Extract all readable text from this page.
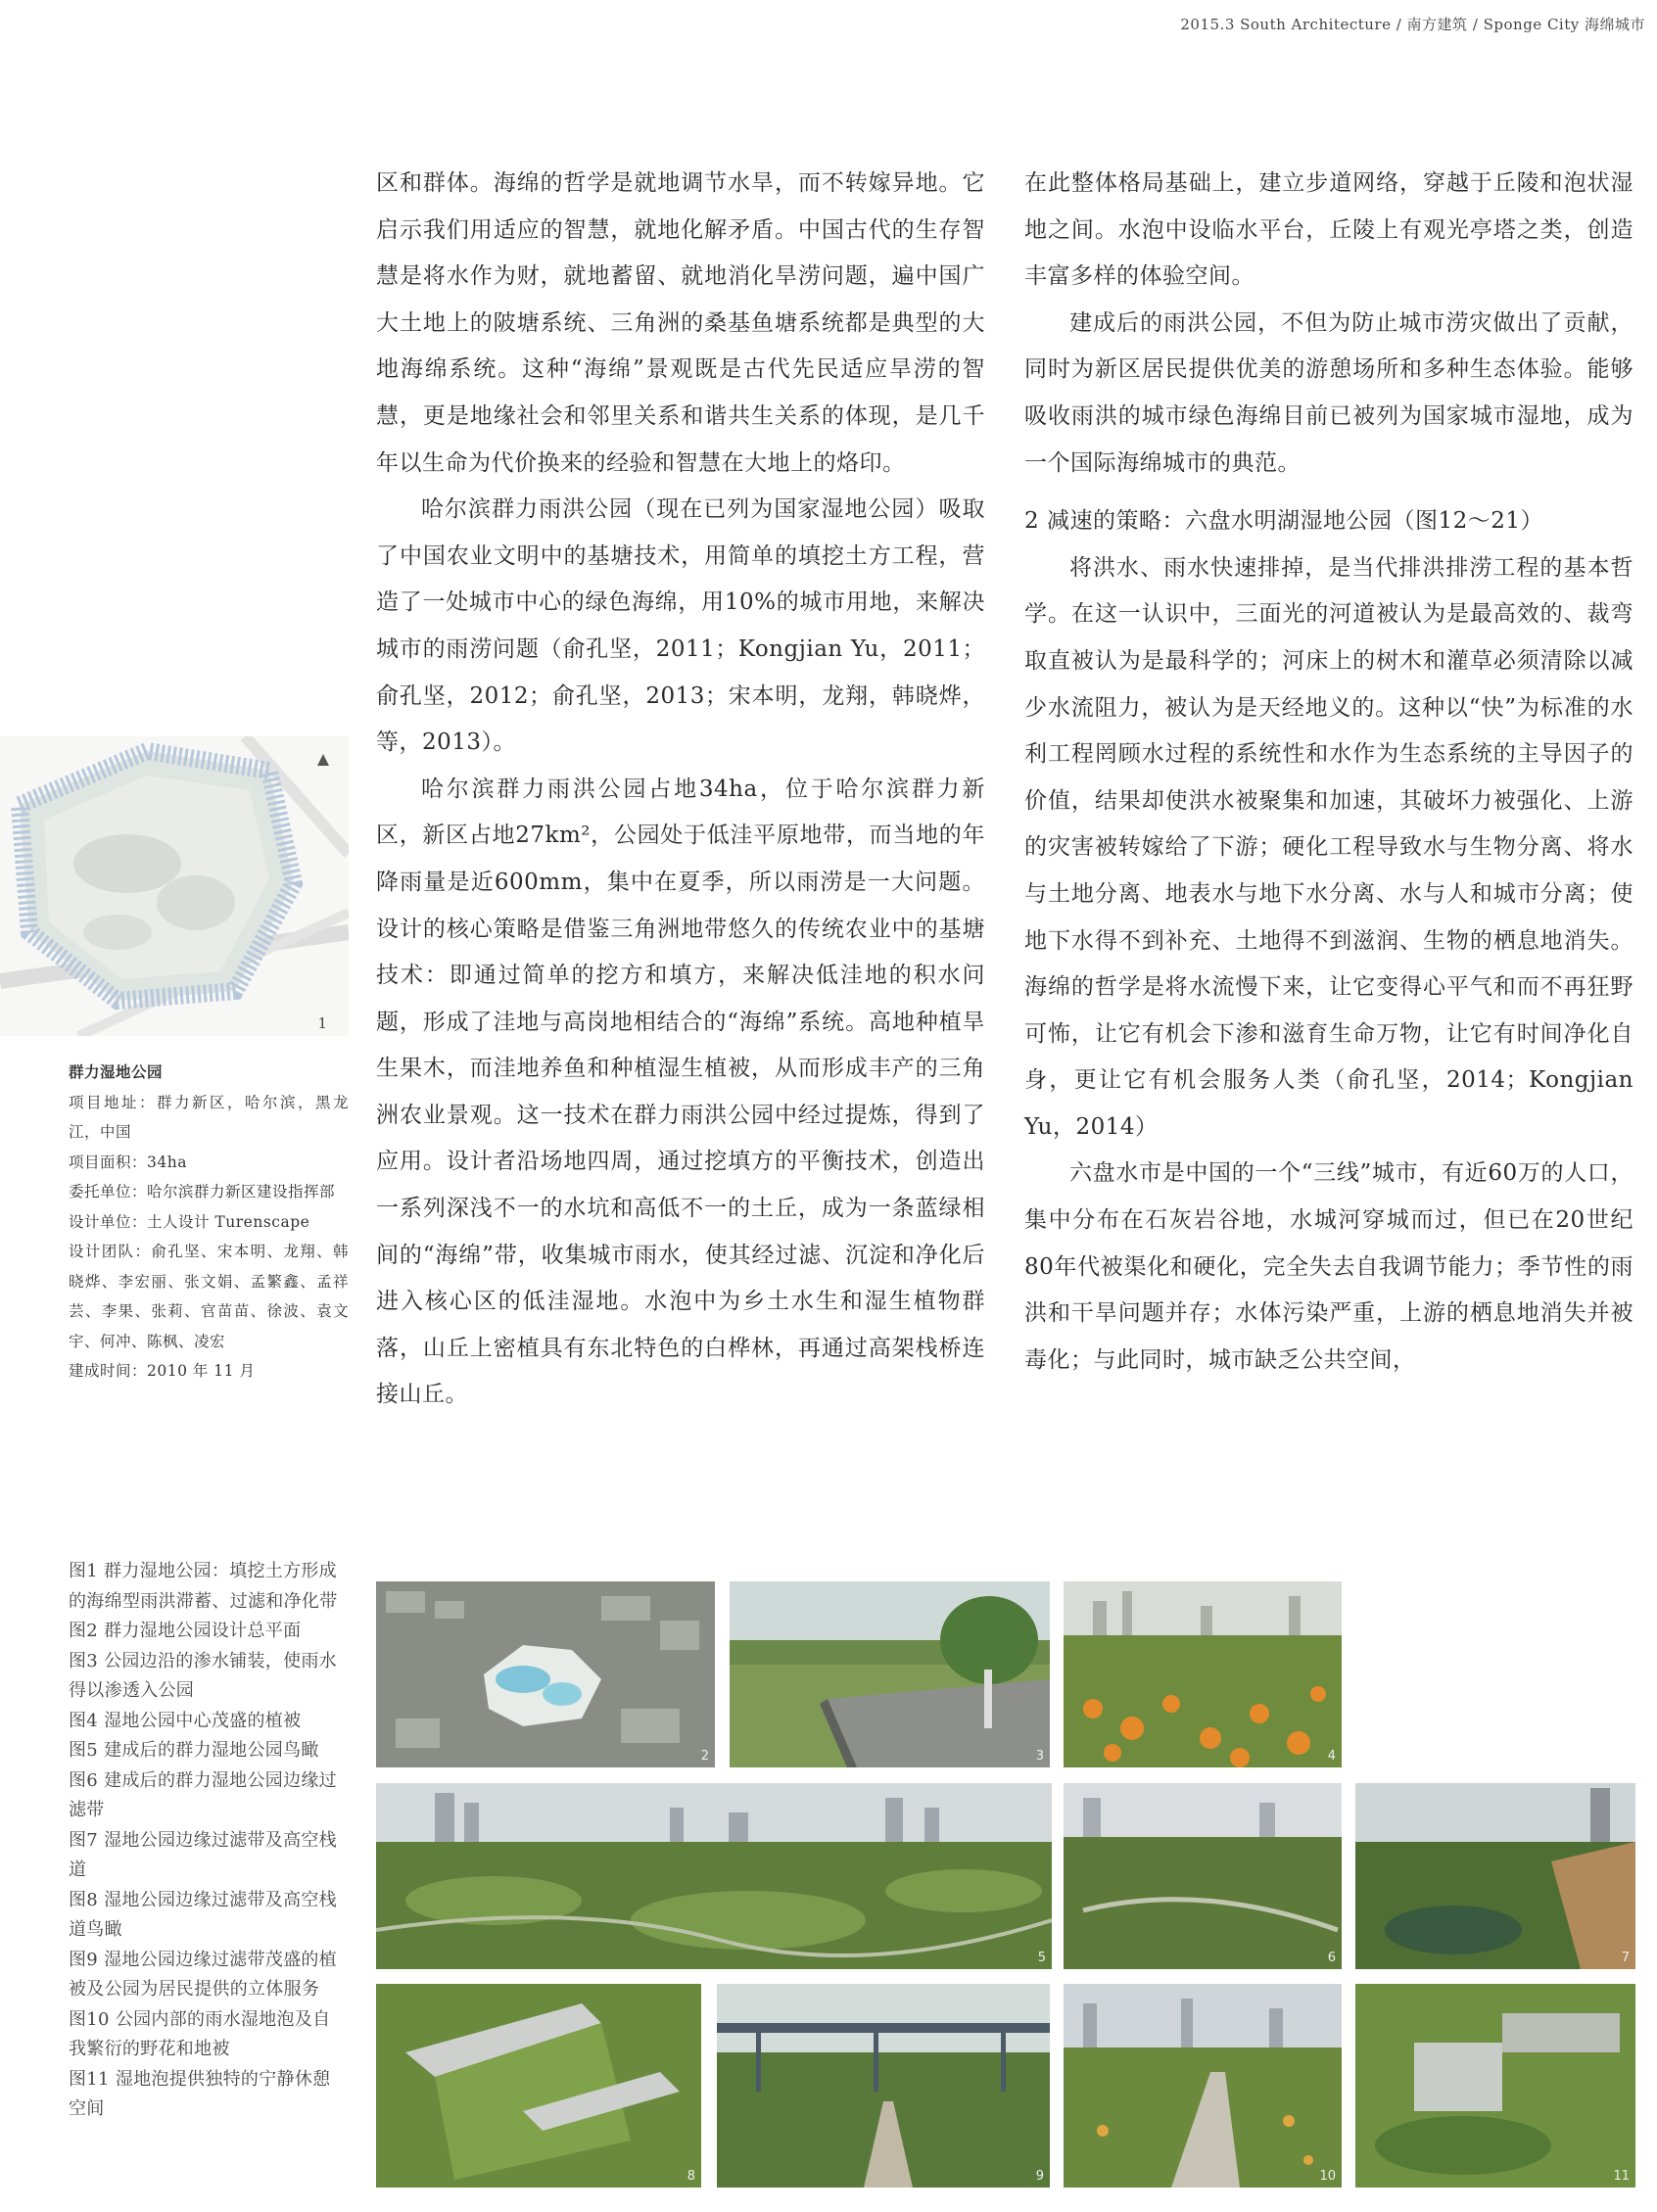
2015.3 South Architecture / 南方建筑 / Sponge City 海绵城市

区和群体。海绵的哲学是就地调节水旱，而不转嫁异地。它启示我们用适应的智慧，就地化解矛盾。中国古代的生存智慧是将水作为财，就地蓄留、就地消化旱涝问题，遍中国广大土地上的陂塘系统、三角洲的桑基鱼塘系统都是典型的大地海绵系统。这种“海绵”景观既是古代先民适应旱涝的智慧，更是地缘社会和邻里关系和谐共生关系的体现，是几千年以生命为代价换来的经验和智慧在大地上的烙印。

哈尔滨群力雨洪公园（现在已列为国家湿地公园）吸取了中国农业文明中的基塘技术，用简单的填挖土方工程，营造了一处城市中心的绿色海绵，用10%的城市用地，来解决城市的雨涝问题（俞孔坚，2011；Kongjian Yu，2011；俞孔坚，2012；俞孔坚，2013；宋本明，龙翔，韩晓烨，等，2013）。

哈尔滨群力雨洪公园占地34ha，位于哈尔滨群力新区，新区占地27km²，公园处于低洼平原地带，而当地的年降雨量是近600mm，集中在夏季，所以雨涝是一大问题。设计的核心策略是借鉴三角洲地带悠久的传统农业中的基塘技术：即通过简单的挖方和填方，来解决低洼地的积水问题，形成了洼地与高岗地相结合的“海绵”系统。高地种植旱生果木，而洼地养鱼和种植湿生植被，从而形成丰产的三角洲农业景观。这一技术在群力雨洪公园中经过提炼，得到了应用。设计者沿场地四周，通过挖填方的平衡技术，创造出一系列深浅不一的水坑和高低不一的土丘，成为一条蓝绿相间的“海绵”带，收集城市雨水，使其经过滤、沉淀和净化后进入核心区的低洼湿地。水泡中为乡土水生和湿生植物群落，山丘上密植具有东北特色的白桦林，再通过高架栈桥连接山丘。

在此整体格局基础上，建立步道网络，穿越于丘陵和泡状湿地之间。水泡中设临水平台，丘陵上有观光亭塔之类，创造丰富多样的体验空间。

建成后的雨洪公园，不但为防止城市涝灾做出了贡献，同时为新区居民提供优美的游憩场所和多种生态体验。能够吸收雨洪的城市绿色海绵目前已被列为国家城市湿地，成为一个国际海绵城市的典范。

2 减速的策略：六盘水明湖湿地公园（图12～21）

将洪水、雨水快速排掉，是当代排洪排涝工程的基本哲学。在这一认识中，三面光的河道被认为是最高效的、裁弯取直被认为是最科学的；河床上的树木和灌草必须清除以减少水流阻力，被认为是天经地义的。这种以“快”为标准的水利工程罔顾水过程的系统性和水作为生态系统的主导因子的价值，结果却使洪水被聚集和加速，其破坏力被强化、上游的灾害被转嫁给了下游；硬化工程导致水与生物分离、将水与土地分离、地表水与地下水分离、水与人和城市分离；使地下水得不到补充、土地得不到滋润、生物的栖息地消失。海绵的哲学是将水流慢下来，让它变得心平气和而不再狂野可怖，让它有机会下渗和滋育生命万物，让它有时间净化自身，更让它有机会服务人类（俞孔坚，2014；Kongjian Yu，2014）

六盘水市是中国的一个“三线”城市，有近60万的人口，集中分布在石灰岩谷地，水城河穿城而过，但已在20世纪80年代被渠化和硬化，完全失去自我调节能力；季节性的雨洪和干旱问题并存；水体污染严重，上游的栖息地消失并被毒化；与此同时，城市缺乏公共空间，

1
群力湿地公园
项目地址：群力新区，哈尔滨，黑龙江，中国
项目面积：34ha
委托单位：哈尔滨群力新区建设指挥部
设计单位：土人设计 Turenscape
设计团队：俞孔坚、宋本明、龙翔、韩晓烨、李宏丽、张文娟、孟繁鑫、孟祥芸、李果、张莉、官苗苗、徐波、袁文宇、何冲、陈枫、凌宏
建成时间：2010 年 11 月

图1 群力湿地公园：填挖土方形成的海绵型雨洪滞蓄、过滤和净化带

图2 群力湿地公园设计总平面

图3 公园边沿的渗水铺装，使雨水得以渗透入公园

图4 湿地公园中心茂盛的植被

图5 建成后的群力湿地公园鸟瞰

图6 建成后的群力湿地公园边缘过滤带

图7 湿地公园边缘过滤带及高空栈道

图8 湿地公园边缘过滤带及高空栈道鸟瞰

图9 湿地公园边缘过滤带茂盛的植被及公园为居民提供的立体服务

图10 公园内部的雨水湿地泡及自我繁衍的野花和地被

图11 湿地泡提供独特的宁静休憩空间

2	3	4
5	6	7
8	9	10	11
